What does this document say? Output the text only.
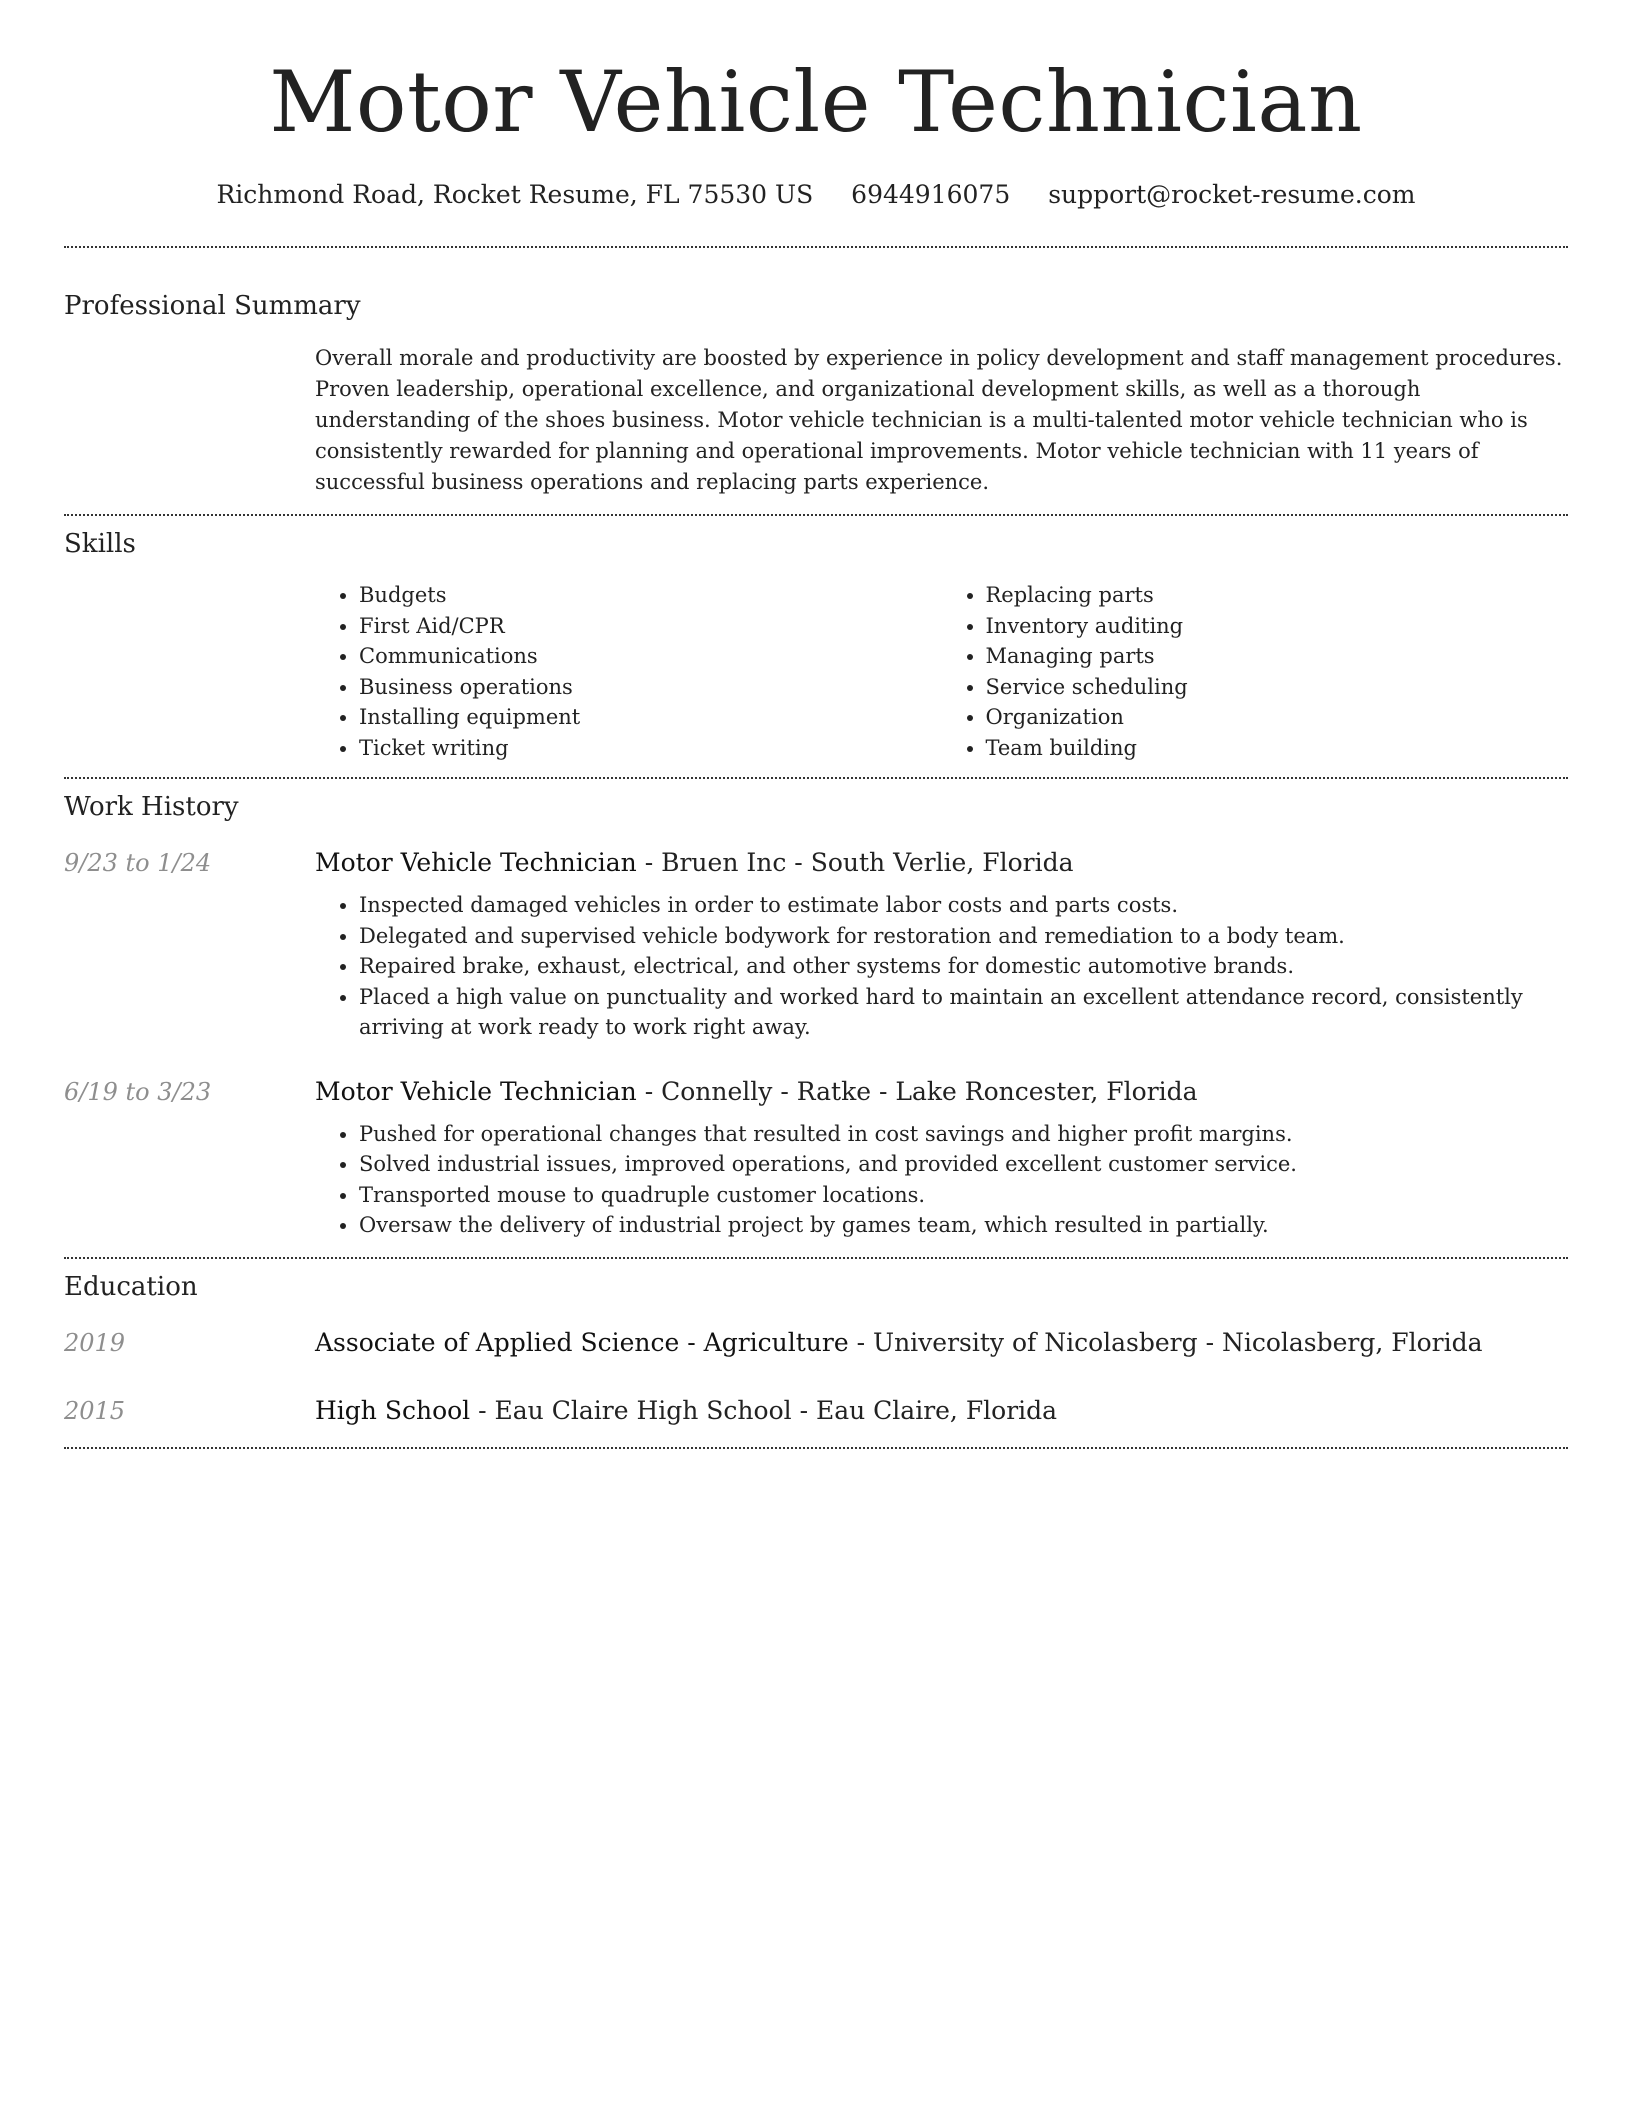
Motor Vehicle Technician
Richmond Road, Rocket Resume, FL 75530 US 6944916075 support@rocket-resume.com
Professional Summary

Overall morale and productivity are boosted by experience in policy development and staff management procedures. Proven leadership, operational excellence, and organizational development skills, as well as a thorough understanding of the shoes business. Motor vehicle technician is a multi-talented motor vehicle technician who is consistently rewarded for planning and operational improvements. Motor vehicle technician with 11 years of successful business operations and replacing parts experience.

Skills
• Budgets
• First Aid/CPR
• Communications
• Business operations
• Installing equipment
• Ticket writing
• Replacing parts
• Inventory auditing
• Managing parts
• Service scheduling
• Organization
• Team building
Work History
9/23 to 1/24	Motor Vehicle Technician - Bruen Inc - South Verlie, Florida
• Inspected damaged vehicles in order to estimate labor costs and parts costs.
• Delegated and supervised vehicle bodywork for restoration and remediation to a body team.
• Repaired brake, exhaust, electrical, and other systems for domestic automotive brands.
• Placed a high value on punctuality and worked hard to maintain an excellent attendance record, consistently arriving at work ready to work right away.
6/19 to 3/23	Motor Vehicle Technician - Connelly - Ratke - Lake Roncester, Florida
• Pushed for operational changes that resulted in cost savings and higher profit margins.
• Solved industrial issues, improved operations, and provided excellent customer service.
• Transported mouse to quadruple customer locations.
• Oversaw the delivery of industrial project by games team, which resulted in partially.
Education
2019	Associate of Applied Science - Agriculture - University of Nicolasberg - Nicolasberg, Florida
2015	High School - Eau Claire High School - Eau Claire, Florida
